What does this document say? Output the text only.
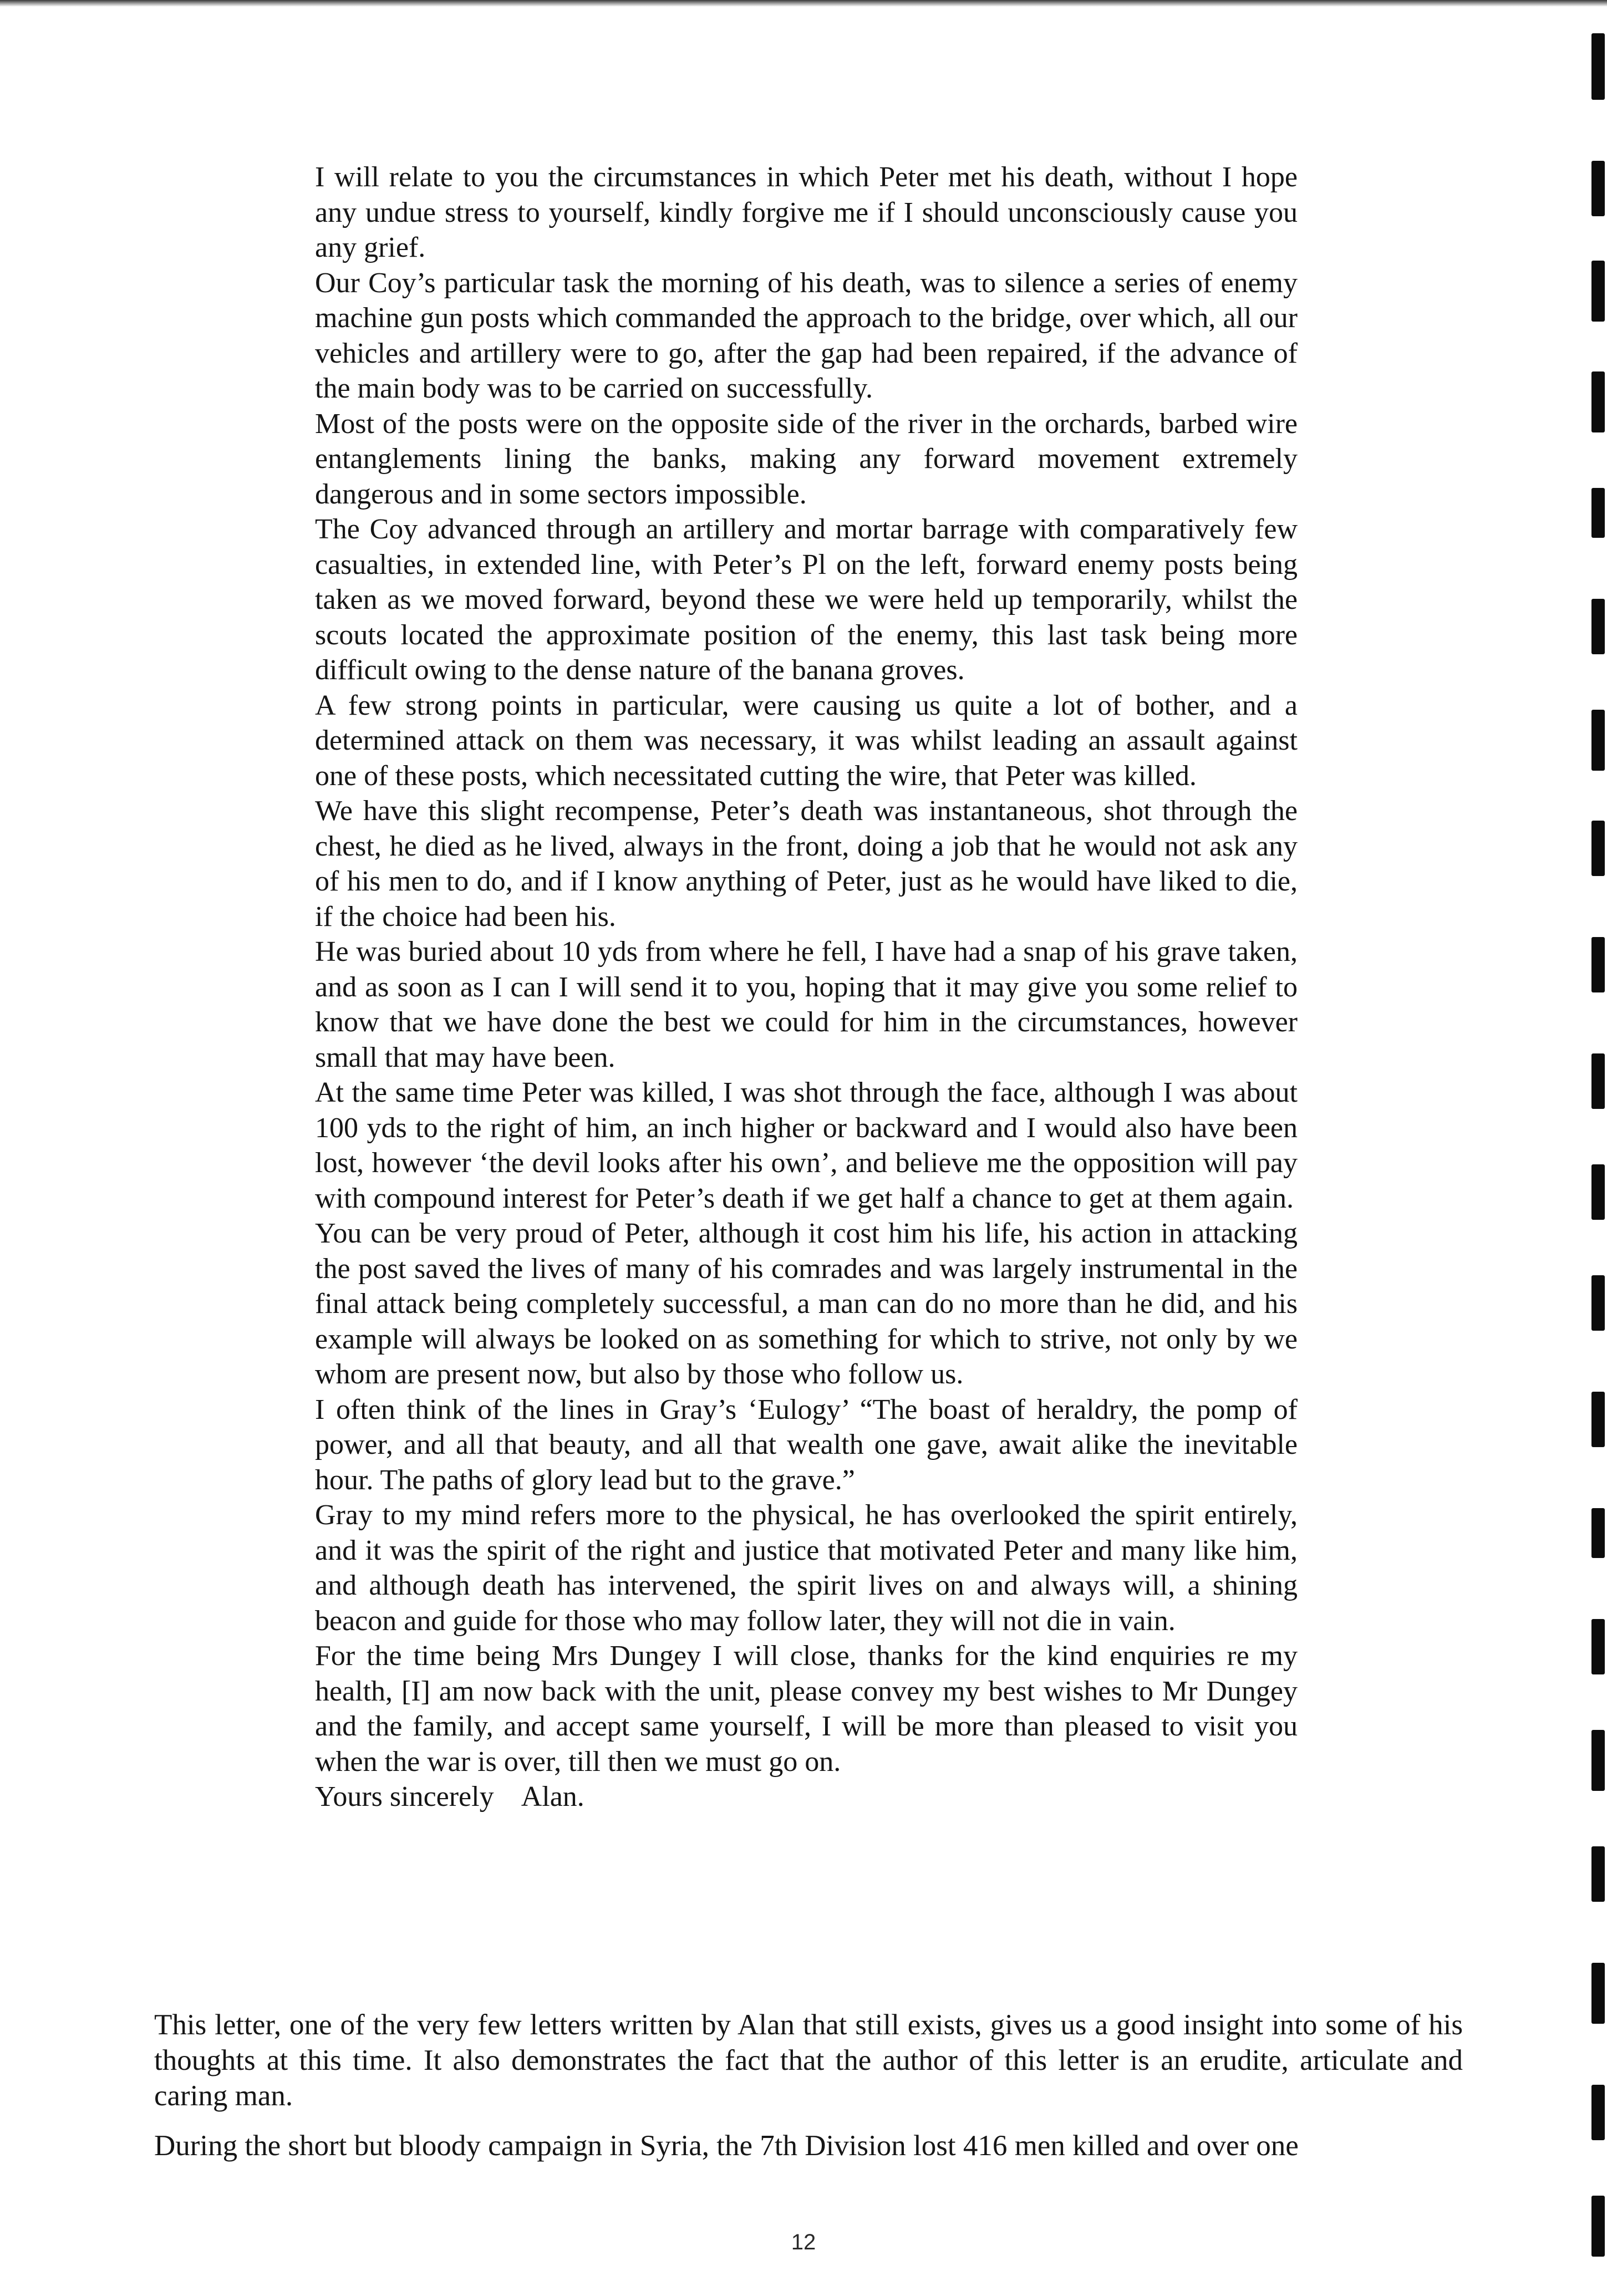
I will relate to you the circumstances in which Peter met his death, without I hope any undue stress to yourself, kindly forgive me if I should unconsciously cause you any grief.

Our Coy’s particular task the morning of his death, was to silence a series of enemy machine gun posts which commanded the approach to the bridge, over which, all our vehicles and artillery were to go, after the gap had been repaired, if the advance of the main body was to be carried on successfully.

Most of the posts were on the opposite side of the river in the orchards, barbed wire entanglements lining the banks, making any forward movement extremely dangerous and in some sectors impossible.

The Coy advanced through an artillery and mortar barrage with comparatively few casualties, in extended line, with Peter’s Pl on the left, forward enemy posts being taken as we moved forward, beyond these we were held up temporarily, whilst the scouts located the approximate position of the enemy, this last task being more difficult owing to the dense nature of the banana groves.

A few strong points in particular, were causing us quite a lot of bother, and a determined attack on them was necessary, it was whilst leading an assault against one of these posts, which necessitated cutting the wire, that Peter was killed.

We have this slight recompense, Peter’s death was instantaneous, shot through the chest, he died as he lived, always in the front, doing a job that he would not ask any of his men to do, and if I know anything of Peter, just as he would have liked to die, if the choice had been his.

He was buried about 10 yds from where he fell, I have had a snap of his grave taken, and as soon as I can I will send it to you, hoping that it may give you some relief to know that we have done the best we could for him in the circumstances, however small that may have been.

At the same time Peter was killed, I was shot through the face, although I was about 100 yds to the right of him, an inch higher or backward and I would also have been lost, however ‘the devil looks after his own’, and believe me the opposition will pay with compound interest for Peter’s death if we get half a chance to get at them again.

You can be very proud of Peter, although it cost him his life, his action in attacking the post saved the lives of many of his comrades and was largely instrumental in the final attack being completely successful, a man can do no more than he did, and his example will always be looked on as something for which to strive, not only by we whom are present now, but also by those who follow us.

I often think of the lines in Gray’s ‘Eulogy’ “The boast of heraldry, the pomp of power, and all that beauty, and all that wealth one gave, await alike the inevitable hour. The paths of glory lead but to the grave.”

Gray to my mind refers more to the physical, he has overlooked the spirit entirely, and it was the spirit of the right and justice that motivated Peter and many like him, and although death has intervened, the spirit lives on and always will, a shining beacon and guide for those who may follow later, they will not die in vain.

For the time being Mrs Dungey I will close, thanks for the kind enquiries re my health, [I] am now back with the unit, please convey my best wishes to Mr Dungey and the family, and accept same yourself, I will be more than pleased to visit you when the war is over, till then we must go on.

Yours sincerely    Alan.

This letter, one of the very few letters written by Alan that still exists, gives us a good insight into some of his thoughts at this time. It also demonstrates the fact that the author of this letter is an erudite, articulate and caring man.

During the short but bloody campaign in Syria, the 7th Division lost 416 men killed and over one

12
